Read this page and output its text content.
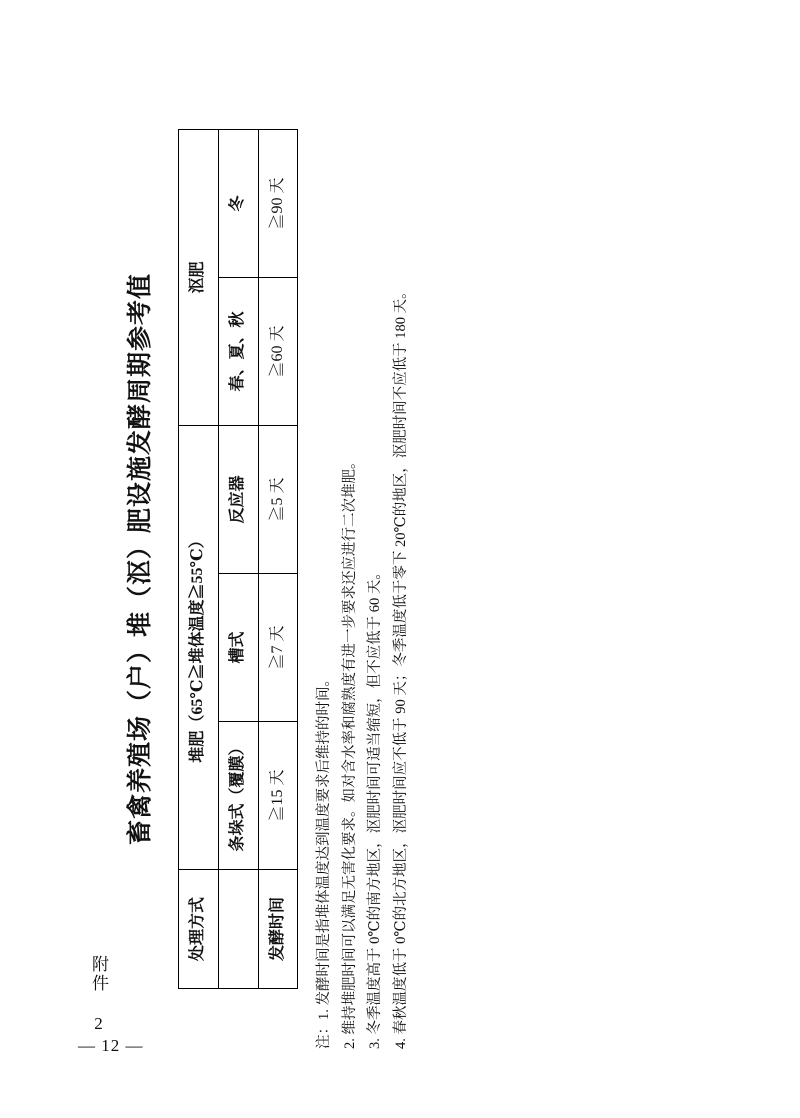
附件 2
— 12 —
畜禽养殖场（户）堆（沤）肥设施发酵周期参考值
处理方式	堆肥（65℃≧堆体温度≧55℃）			沤肥	
	条垛式（覆膜）	槽式	反应器	春、夏、秋	冬
发酵时间	≧15 天	≧7 天	≧5 天	≧60 天	≧90 天
注：1. 发酵时间是指堆体温度达到温度要求后维持的时间。 2. 维持堆肥时间可以满足无害化要求。如对含水率和腐熟度有进一步要求还应进行二次堆肥。 3. 冬季温度高于 0℃的南方地区，沤肥时间可适当缩短，但不应低于 60 天。 4. 春秋温度低于 0℃的北方地区，沤肥时间应不低于 90 天；冬季温度低于零下 20℃的地区，沤肥时间不应低于 180 天。
